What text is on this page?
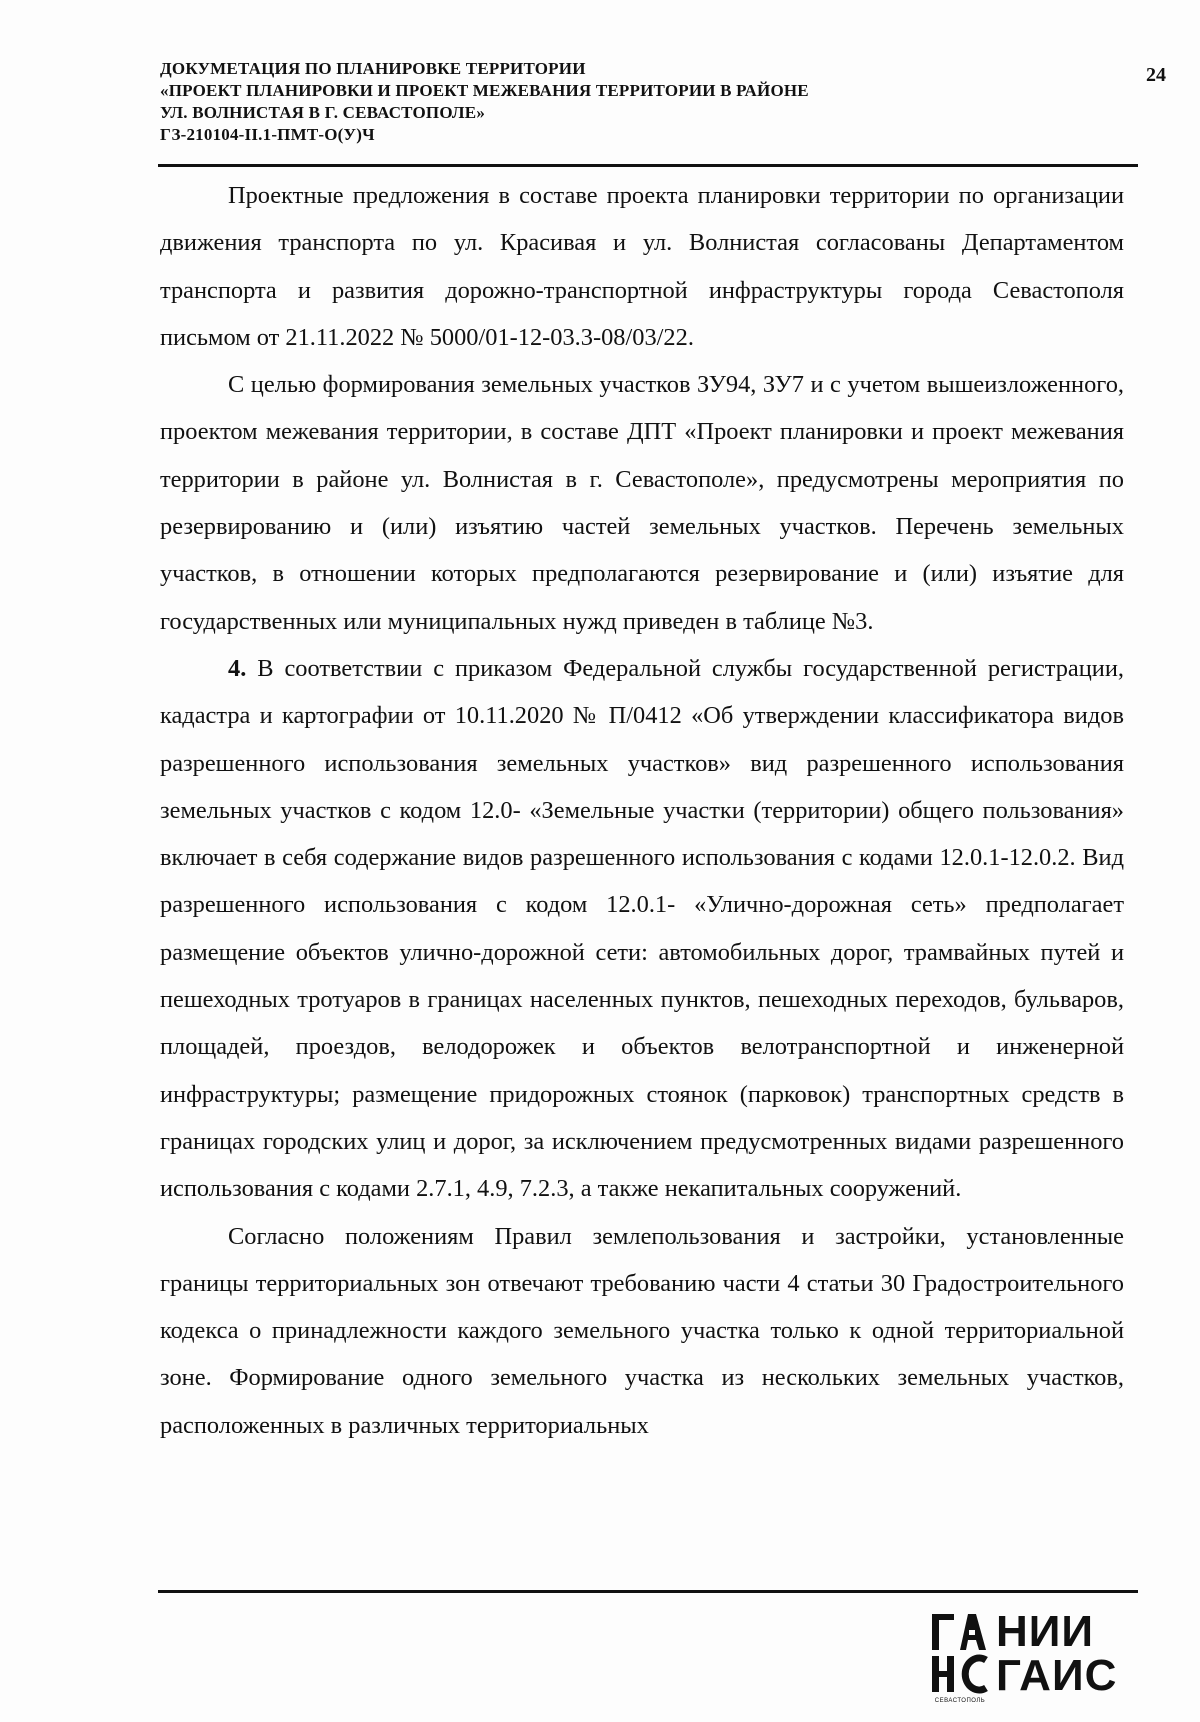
ДОКУМЕТАЦИЯ ПО ПЛАНИРОВКЕ ТЕРРИТОРИИ
«ПРОЕКТ ПЛАНИРОВКИ И ПРОЕКТ МЕЖЕВАНИЯ ТЕРРИТОРИИ В РАЙОНЕ
УЛ. ВОЛНИСТАЯ В Г. СЕВАСТОПОЛЕ»
ГЗ-210104-II.1-ПМТ-О(У)Ч
24

Проектные предложения в составе проекта планировки территории по организации движения транспорта по ул. Красивая и ул. Волнистая согласованы Департаментом транспорта и развития дорожно-транспортной инфраструктуры города Севастополя письмом от 21.11.2022 № 5000/01-12-03.3-08/03/22.

С целью формирования земельных участков ЗУ94, ЗУ7 и с учетом вышеизложенного, проектом межевания территории, в составе ДПТ «Проект планировки и проект межевания территории в районе ул. Волнистая в г. Севастополе», предусмотрены мероприятия по резервированию и (или) изъятию частей земельных участков. Перечень земельных участков, в отношении которых предполагаются резервирование и (или) изъятие для государственных или муниципальных нужд приведен в таблице №3.

4. В соответствии с приказом Федеральной службы государственной регистрации, кадастра и картографии от 10.11.2020 № П/0412 «Об утверждении классификатора видов разрешенного использования земельных участков» вид разрешенного использования земельных участков с кодом 12.0- «Земельные участки (территории) общего пользования» включает в себя содержание видов разрешенного использования с кодами 12.0.1-12.0.2. Вид разрешенного использования с кодом 12.0.1- «Улично-дорожная сеть» предполагает размещение объектов улично-дорожной сети: автомобильных дорог, трамвайных путей и пешеходных тротуаров в границах населенных пунктов, пешеходных переходов, бульваров, площадей, проездов, велодорожек и объектов велотранспортной и инженерной инфраструктуры; размещение придорожных стоянок (парковок) транспортных средств в границах городских улиц и дорог, за исключением предусмотренных видами разрешенного использования с кодами 2.7.1, 4.9, 7.2.3, а также некапитальных сооружений.

Согласно положениям Правил землепользования и застройки, установленные границы территориальных зон отвечают требованию части 4 статьи 30 Градостроительного кодекса о принадлежности каждого земельного участка только к одной территориальной зоне. Формирование одного земельного участка из нескольких земельных участков, расположенных в различных территориальных

СЕВАСТОПОЛЬ
НИИ
ГАИС
